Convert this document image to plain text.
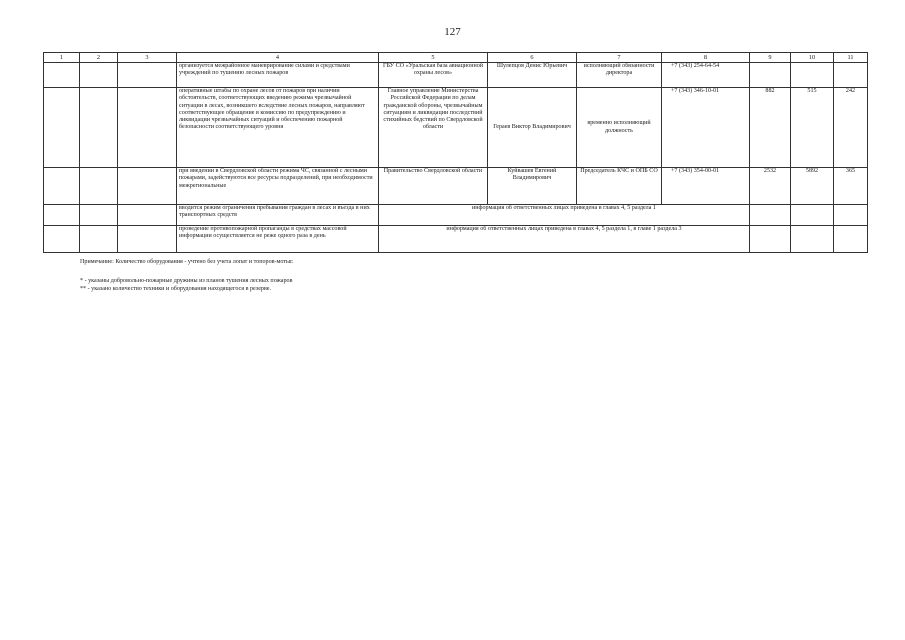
127
1	2	3	4	5	6	7	8	9	10	11
			организуется межрайонное маневрирование силами и средствами учреждений по тушению лесных пожаров	ГБУ СО «Уральская база авиационной охраны лесов»	Шулепцов Денис Юрьевич	исполняющий обязанности директора	+7 (343) 254-64-54			
			оперативные штабы по охране лесов от пожаров при наличии обстоятельств, соответствующих введению режима чрезвычайной ситуации в лесах, возникшего вследствие лесных пожаров, направляют соответствующее обращение в комиссию по предупреждению и ликвидации чрезвычайных ситуаций и обеспечению пожарной безопасности соответствующего уровня	Главное управление Министерства Российской Федерации по делам гражданской обороны, чрезвычайным ситуациям и ликвидации последствий стихийных бедствий по Свердловской области	Гераев Виктор Владимирович	временно исполняющий должность	+7 (343) 346-10-01	882	515	242
			при введении в Свердловской области режима ЧС, связанной с лесными пожарами, задействуются все ресурсы подразделений, при необходимости межрегиональные	Правительство Свердловской области	Куйвашев Евгений Владимирович	Председатель КЧС и ОПБ СО	+7 (343) 354-00-01	2532	5892	365
			вводится режим ограничения пребывания граждан в лесах и въезда в них транспортных средств	информация об ответственных лицах приведена в главах 4, 5 раздела 1						
			проведение противопожарной пропаганды в средствах массовой информации осуществляется не реже одного раза в день	информация об ответственных лицах приведена в главах 4, 5 раздела 1, в главе 1 раздела 3						
Примечание: Количество оборудования - учтено без учета лопат и топоров-мотыг.
* - указаны добровольно-пожарные дружины из планов тушения лесных пожаров
** - указано количество техники и оборудования находящегося в резерве.
